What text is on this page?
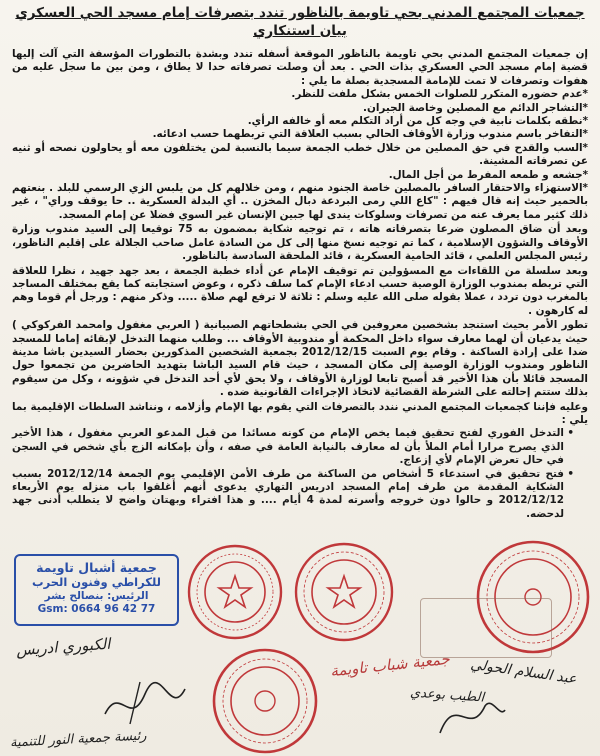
جمعيات المجتمع المدني بحي تاويمة بالناظور تندد بتصرفات إمام مسجد الحي العسكري
بيان استنكاري

إن جمعيات المجتمع المدني بحي تاويمة بالناظور الموقعة أسفله تندد وبشدة بالتطورات المؤسفة التي آلت إليها قضية إمام مسجد الحي العسكري بذات الحي . بعد أن وصلت تصرفاته حدا لا يطاق ، ومن بين ما سجل عليه من هفوات وتصرفات لا تمت للإمامة المسجدية بصلة ما يلي :

*عدم حضوره المتكرر للصلوات الخمس بشكل ملفت للنظر.

*التشاجر الدائم مع المصلين وخاصة الجيران.

*نطقه بكلمات نابية في وجه كل من أراد التكلم معه أو خالفه الرأي.

*التفاخر باسم مندوب وزارة الأوقاف الحالي بسبب العلاقة التي تربطهما حسب ادعائه.

*السب والقدح في حق المصلين من خلال خطب الجمعة سيما بالنسبة لمن يختلفون معه أو يحاولون نصحه أو ثنيه عن تصرفاته المشينة.

*جشعه و طمعه المفرط من أجل المال.

*الاستهزاء والاحتقار السافر بالمصلين خاصة الجنود منهم ، ومن خلالهم كل من يلبس الزي الرسمي للبلد . بنعتهم بالحمير حيث إنه قال فيهم : "كاع اللي رمى البردعة دبال المخزن .. أي البدلة العسكرية .. حا يوقف وراي" ، غير ذلك كثير مما يعرف عنه من تصرفات وسلوكات يندى لها جبين الإنسان غير السوي فضلا عن إمام المسجد.

وبعد أن ضاق المصلون ضرعا بتصرفاته هاته ، تم توجيه شكاية بمضمون به 75 توقيعا إلى السيد مندوب وزارة الأوقاف والشؤون الإسلامية ، كما تم توجيه نسخ منها إلى كل من السادة عامل صاحب الجلالة على إقليم الناظور، رئيس المجلس العلمي ، قائد الحامية العسكرية ، قائد الملحقة السادسة بالناظور.

وبعد سلسلة من اللقاءات مع المسؤولين تم توقيف الإمام عن أداء خطبة الجمعة ، بعد جهد جهيد ، نظرا للعلاقة التي تربطه بمندوب الوزارة الوصية حسب ادعاء الإمام كما سلف ذكره ، وعوض استجابته كما يقع بمختلف المساجد بالمغرب دون تردد ، عملا بقوله صلى الله عليه وسلم : ثلاثة لا ترفع لهم صلاة ..... وذكر منهم : ورجل أم قوما وهم له كارهون .

تطور الأمر بحيث استنجد بشخصين معروفين في الحي بشطحاتهم الصبيانية ( العربي مغفول وامحمد الفركوكي ) حيث يدعيان أن لهما معارف سواء داخل المحكمة أو مندوبية الأوقاف ... وطلب منهما التدخل لإبقائه إماما للمسجد ضدا على إرادة الساكنة . وقام يوم السبت 2012/12/15 بجمعية الشخصين المذكورين بحضار السيدين باشا مدينة الناظور ومندوب الوزارة الوصية إلى مكان المسجد ، حيث قام السيد الباشا بتهديد الحاضرين من تجمعوا حول المسجد قائلا بأن هذا الأخير قد أصبح تابعا لوزارة الأوقاف ، ولا يحق لأي أحد التدخل في شؤونه ، وكل من سيقوم بذلك ستتم إحالته على الشرطة القضائية لاتخاذ الإجراءات القانونية ضده .

وعليه فإننا كجمعيات المجتمع المدني نندد بالتصرفات التي يقوم بها الإمام وأزلامه ، ونناشد السلطات الإقليمية بما يلي :

• التدخل الفوري لفتح تحقيق فيما يخص الإمام من كونه مسائدا من قبل المدعو العربي مغفول ، هذا الأخير الذي يصرح مرارا أمام الملأ بأن له معارف بالنيابة العامة في صفه ، وأن بإمكانه الزج بأي شخص في السجن في حال تعرض الإمام لأي إزعاج.
• فتح تحقيق في استدعاء 5 أشخاص من الساكنة من طرف الأمن الإقليمي يوم الجمعة 2012/12/14 بسبب الشكاية المقدمة من طرف إمام المسجد ادريس التهاري يدعوى أنهم أغلقوا باب منزله يوم الأربعاء 2012/12/12 و حالوا دون خروجه وأسرته لمدة 4 أيام .... و هذا افتراء وبهتان واضح لا يتطلب أدنى جهد لدحضه.
جمعية أشبال تاويمة
للكراطي وفنون الحرب
الرئيس: بنصالح بشر
Gsm: 0664 96 42 77
جمعية شباب تاويمة عبد السلام الحولي
الطيب بوعدي
الكبوري ادريس
رئيسة جمعية النور للتنمية
